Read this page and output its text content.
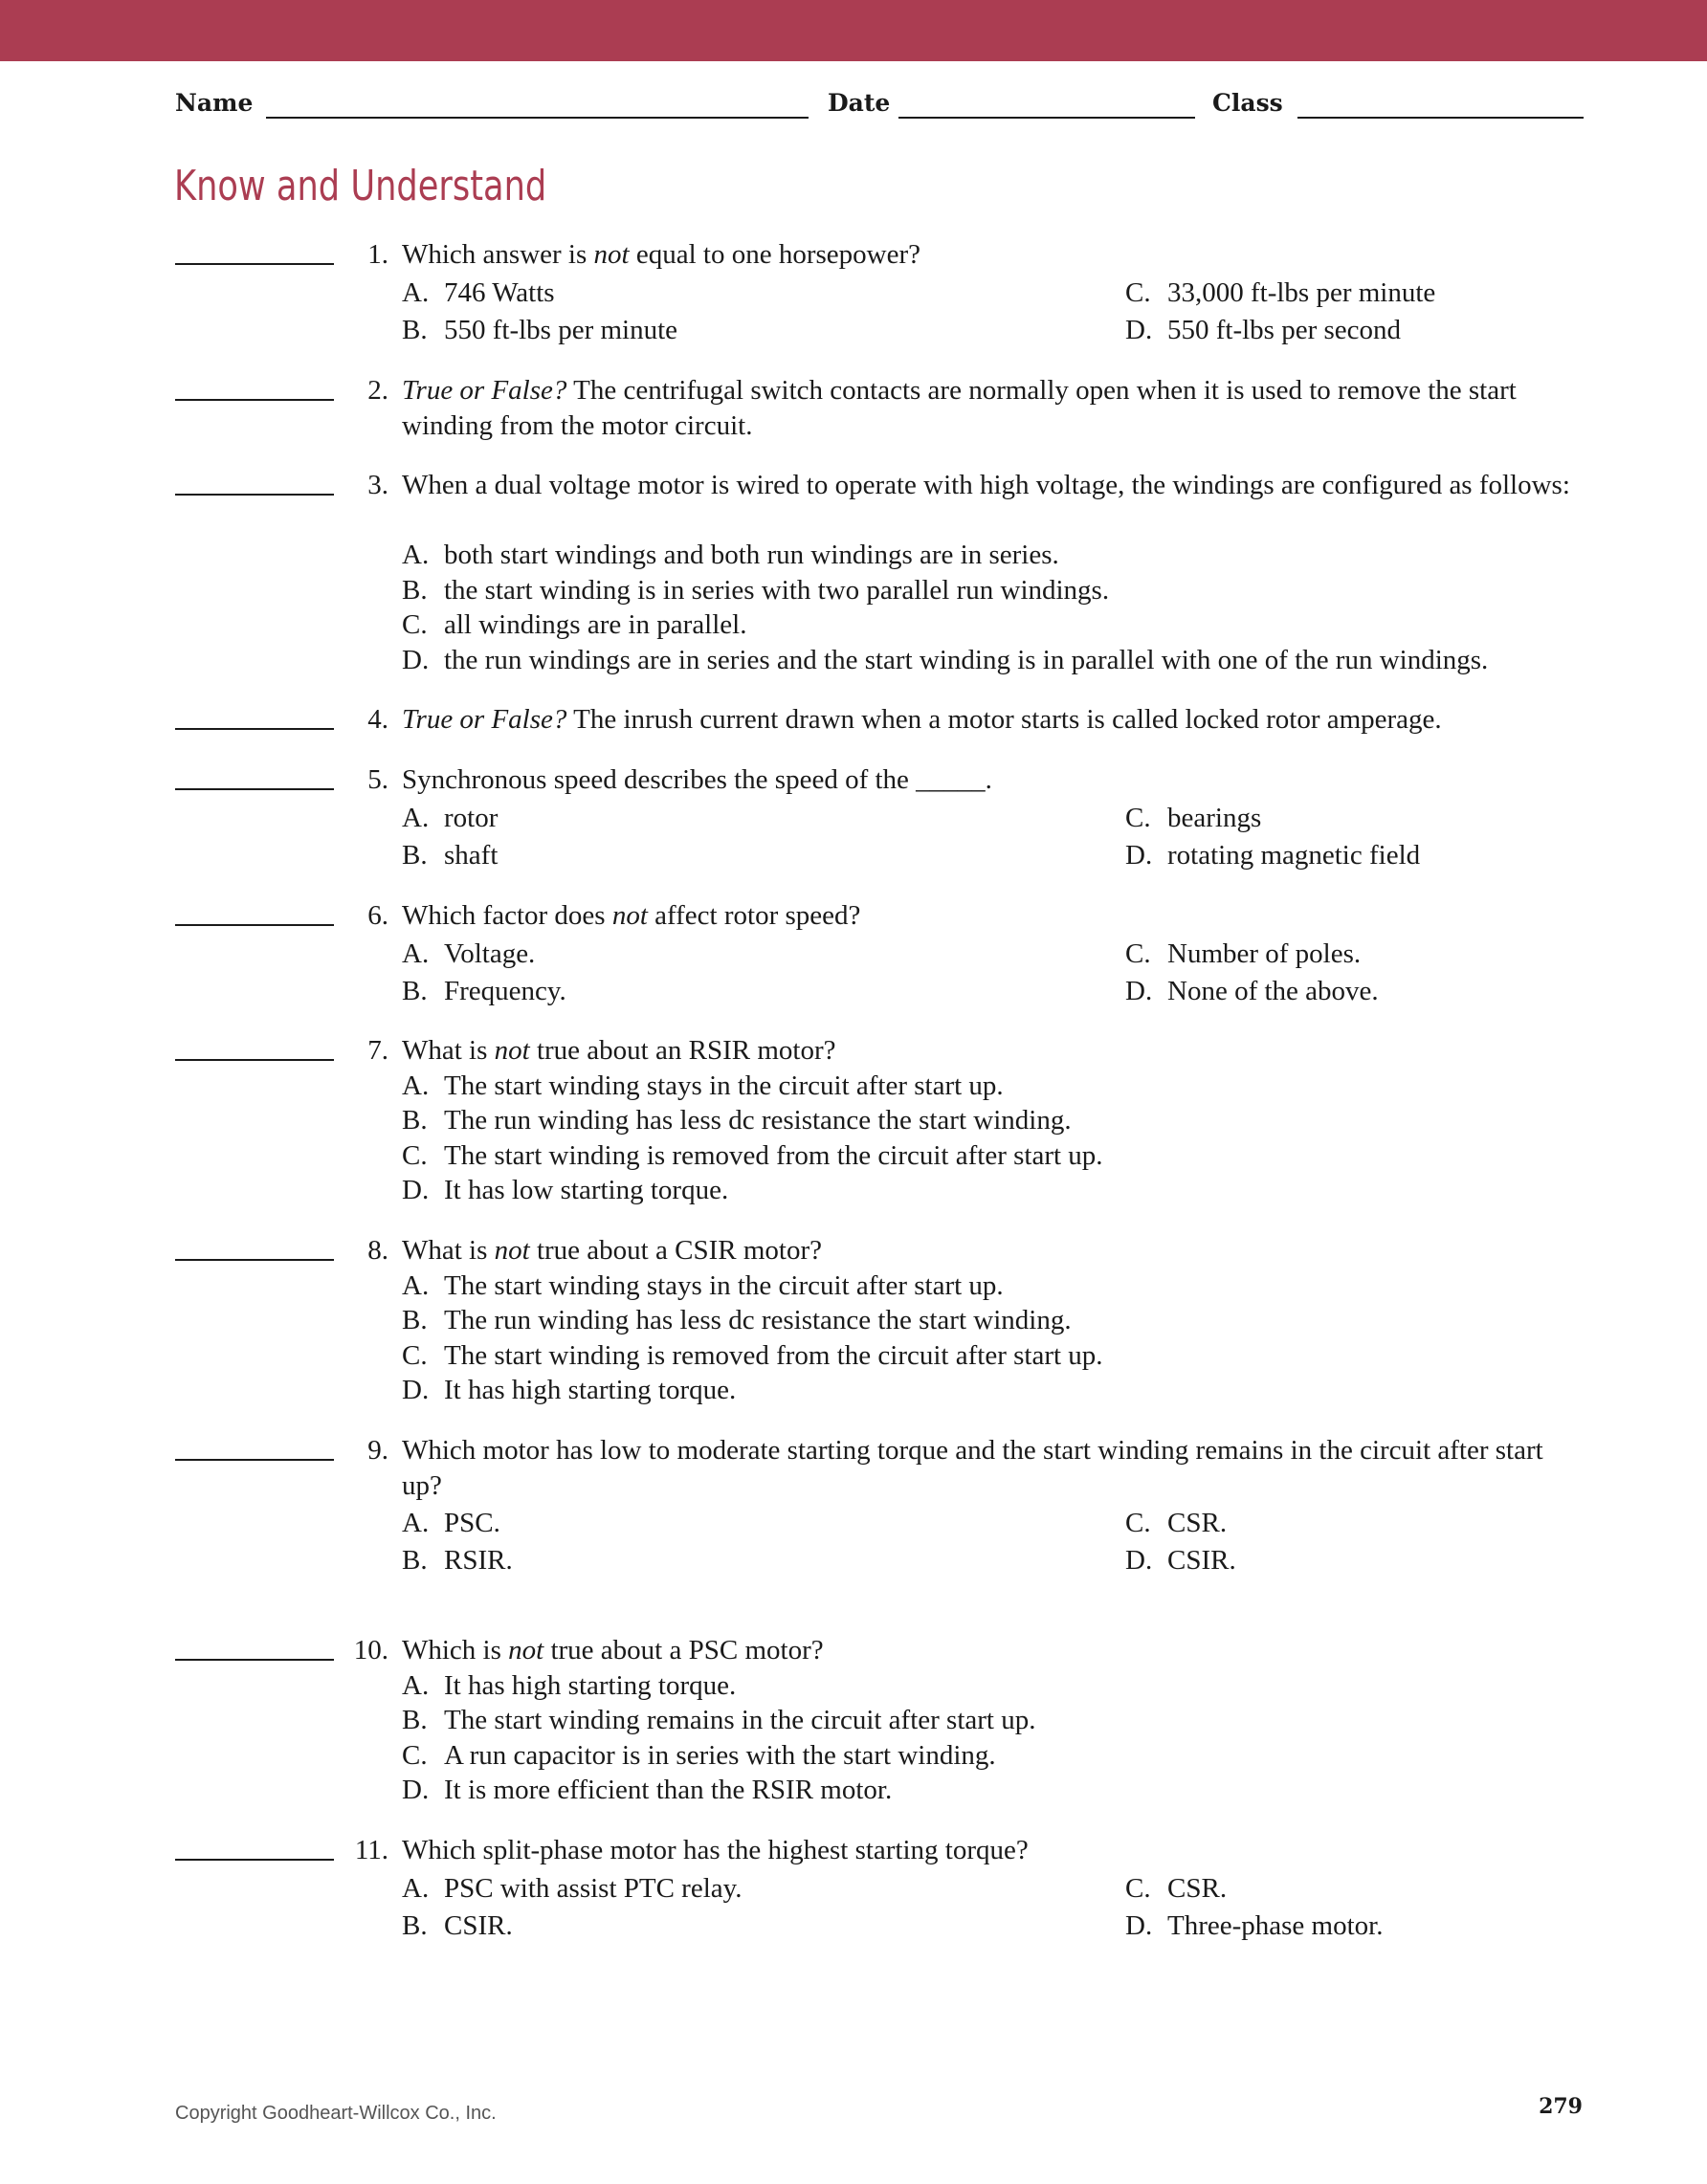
Name	Date	Class
Know and Understand
1. Which answer is not equal to one horsepower?
A. 746 Watts
B. 550 ft-lbs per minute
C. 33,000 ft-lbs per minute
D. 550 ft-lbs per second
2. True or False? The centrifugal switch contacts are normally open when it is used to remove the start winding from the motor circuit.
3. When a dual voltage motor is wired to operate with high voltage, the windings are configured as follows:
A. both start windings and both run windings are in series.
B. the start winding is in series with two parallel run windings.
C. all windings are in parallel.
D. the run windings are in series and the start winding is in parallel with one of the run windings.
4. True or False? The inrush current drawn when a motor starts is called locked rotor amperage.
5. Synchronous speed describes the speed of the _____.
A. rotor
B. shaft
C. bearings
D. rotating magnetic field
6. Which factor does not affect rotor speed?
A. Voltage.
B. Frequency.
C. Number of poles.
D. None of the above.
7. What is not true about an RSIR motor?
A. The start winding stays in the circuit after start up.
B. The run winding has less dc resistance the start winding.
C. The start winding is removed from the circuit after start up.
D. It has low starting torque.
8. What is not true about a CSIR motor?
A. The start winding stays in the circuit after start up.
B. The run winding has less dc resistance the start winding.
C. The start winding is removed from the circuit after start up.
D. It has high starting torque.
9. Which motor has low to moderate starting torque and the start winding remains in the circuit after start up?
A. PSC.
B. RSIR.
C. CSR.
D. CSIR.
10. Which is not true about a PSC motor?
A. It has high starting torque.
B. The start winding remains in the circuit after start up.
C. A run capacitor is in series with the start winding.
D. It is more efficient than the RSIR motor.
11. Which split-phase motor has the highest starting torque?
A. PSC with assist PTC relay.
B. CSIR.
C. CSR.
D. Three-phase motor.
Copyright Goodheart-Willcox Co., Inc.	279
